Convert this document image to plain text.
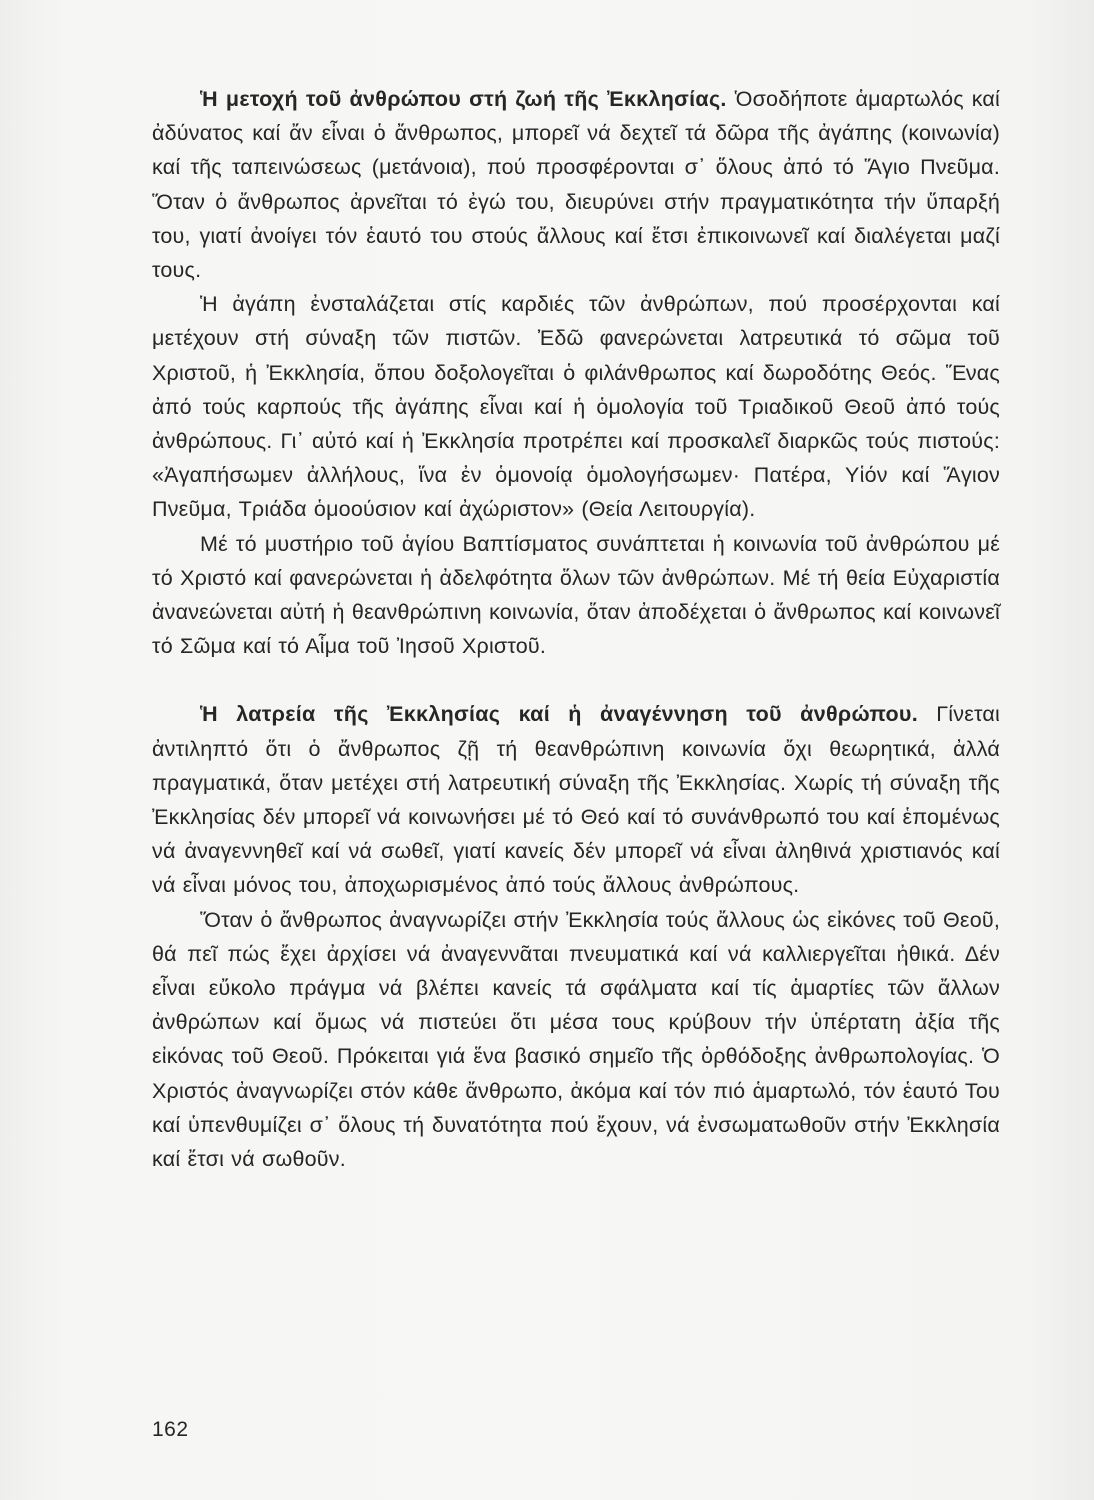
Ἡ μετοχή τοῦ ἀνθρώπου στή ζωή τῆς Ἐκκλησίας. Ὁσοδήποτε ἁμαρτωλός καί ἀδύνατος καί ἄν εἶναι ὁ ἄνθρωπος, μπορεῖ νά δεχτεῖ τά δῶρα τῆς ἀγάπης (κοινωνία) καί τῆς ταπεινώσεως (μετάνοια), πού προσφέρονται σ᾿ ὅλους ἀπό τό Ἅγιο Πνεῦμα. Ὅταν ὁ ἄνθρωπος ἀρνεῖται τό ἐγώ του, διευρύνει στήν πραγματικότητα τήν ὕπαρξή του, γιατί ἀνοίγει τόν ἑαυτό του στούς ἄλλους καί ἔτσι ἐπικοινωνεῖ καί διαλέγεται μαζί τους.

Ἡ ἀγάπη ἐνσταλάζεται στίς καρδιές τῶν ἀνθρώπων, πού προσέρχονται καί μετέχουν στή σύναξη τῶν πιστῶν. Ἐδῶ φανερώνεται λατρευτικά τό σῶμα τοῦ Χριστοῦ, ἡ Ἐκκλησία, ὅπου δοξολογεῖται ὁ φιλάνθρωπος καί δωροδότης Θεός. Ἕνας ἀπό τούς καρπούς τῆς ἀγάπης εἶναι καί ἡ ὁμολογία τοῦ Τριαδικοῦ Θεοῦ ἀπό τούς ἀνθρώπους. Γι᾿ αὐτό καί ἡ Ἐκκλησία προτρέπει καί προσκαλεῖ διαρκῶς τούς πιστούς: «Ἀγαπήσωμεν ἀλλήλους, ἵνα ἐν ὁμονοίᾳ ὁμολογήσωμεν· Πατέρα, Υἱόν καί Ἅγιον Πνεῦμα, Τριάδα ὁμοούσιον καί ἀχώριστον» (Θεία Λειτουργία).

Μέ τό μυστήριο τοῦ ἁγίου Βαπτίσματος συνάπτεται ἡ κοινωνία τοῦ ἀνθρώπου μέ τό Χριστό καί φανερώνεται ἡ ἀδελφότητα ὅλων τῶν ἀνθρώπων. Μέ τή θεία Εὐχαριστία ἀνανεώνεται αὐτή ἡ θεανθρώπινη κοινωνία, ὅταν ἀποδέχεται ὁ ἄνθρωπος καί κοινωνεῖ τό Σῶμα καί τό Αἷμα τοῦ Ἰησοῦ Χριστοῦ.

Ἡ λατρεία τῆς Ἐκκλησίας καί ἡ ἀναγέννηση τοῦ ἀνθρώπου. Γίνεται ἀντιληπτό ὅτι ὁ ἄνθρωπος ζῇ τή θεανθρώπινη κοινωνία ὄχι θεωρητικά, ἀλλά πραγματικά, ὅταν μετέχει στή λατρευτική σύναξη τῆς Ἐκκλησίας. Χωρίς τή σύναξη τῆς Ἐκκλησίας δέν μπορεῖ νά κοινωνήσει μέ τό Θεό καί τό συνάνθρωπό του καί ἑπομένως νά ἀναγεννηθεῖ καί νά σωθεῖ, γιατί κανείς δέν μπορεῖ νά εἶναι ἀληθινά χριστιανός καί νά εἶναι μόνος του, ἀποχωρισμένος ἀπό τούς ἄλλους ἀνθρώπους.

Ὅταν ὁ ἄνθρωπος ἀναγνωρίζει στήν Ἐκκλησία τούς ἄλλους ὡς εἰκόνες τοῦ Θεοῦ, θά πεῖ πώς ἔχει ἀρχίσει νά ἀναγεννᾶται πνευματικά καί νά καλλιεργεῖται ἠθικά. Δέν εἶναι εὔκολο πράγμα νά βλέπει κανείς τά σφάλματα καί τίς ἁμαρτίες τῶν ἄλλων ἀνθρώπων καί ὅμως νά πιστεύει ὅτι μέσα τους κρύβουν τήν ὑπέρτατη ἀξία τῆς εἰκόνας τοῦ Θεοῦ. Πρόκειται γιά ἕνα βασικό σημεῖο τῆς ὀρθόδοξης ἀνθρωπολογίας. Ὁ Χριστός ἀναγνωρίζει στόν κάθε ἄνθρωπο, ἀκόμα καί τόν πιό ἁμαρτωλό, τόν ἑαυτό Του καί ὑπενθυμίζει σ᾿ ὅλους τή δυνατότητα πού ἔχουν, νά ἐνσωματωθοῦν στήν Ἐκκλησία καί ἔτσι νά σωθοῦν.

162
